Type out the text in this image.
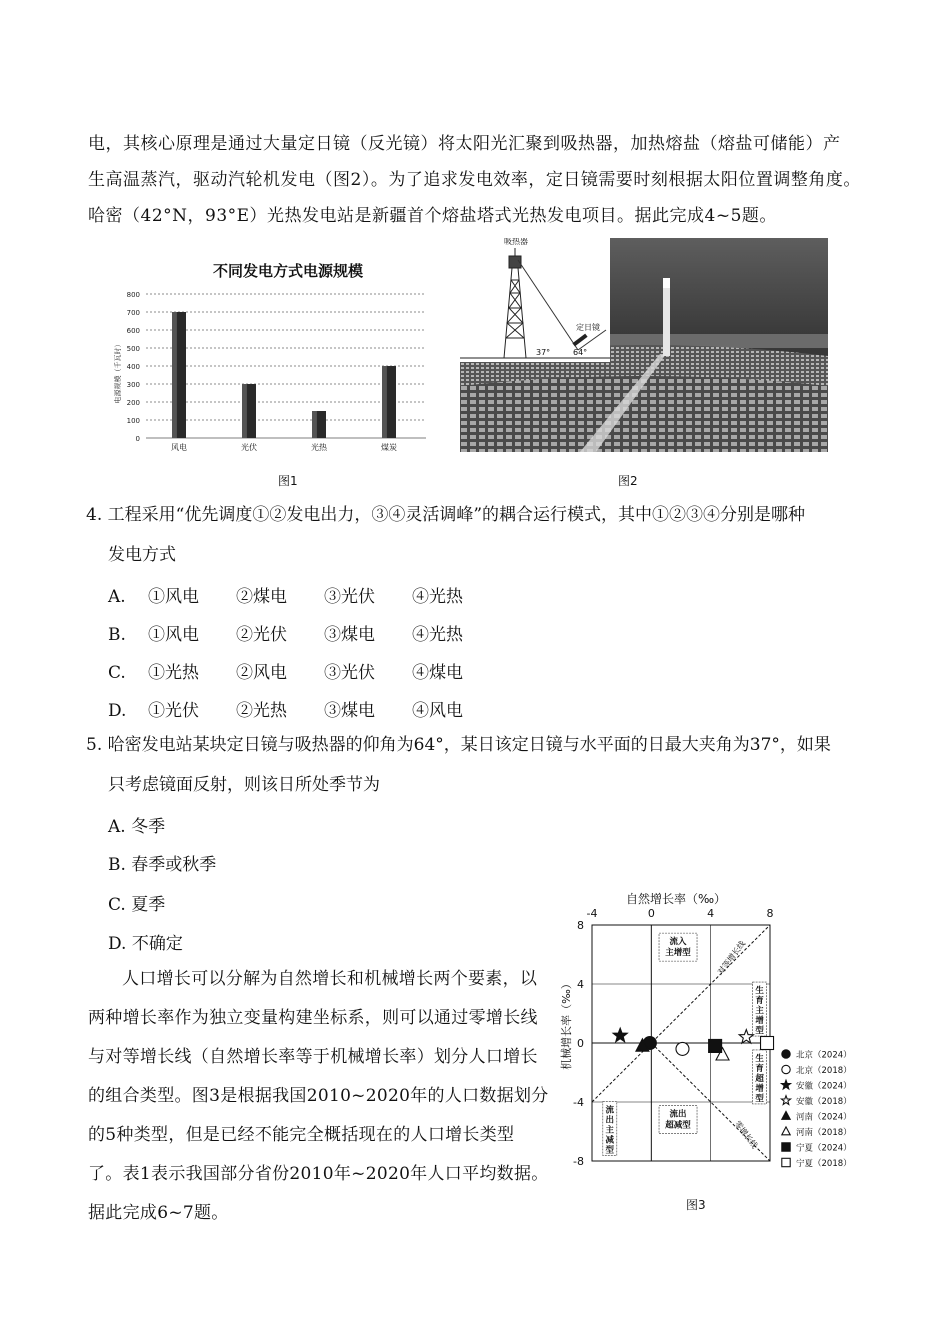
电，其核心原理是通过大量定日镜（反光镜）将太阳光汇聚到吸热器，加热熔盐（熔盐可储能）产
生高温蒸汽，驱动汽轮机发电（图2）。为了追求发电效率，定日镜需要时刻根据太阳位置调整角度。
哈密（42°N，93°E）光热发电站是新疆首个熔盐塔式光热发电项目。据此完成4~5题。
不同发电方式电源规模
电源规模（千瓦时）
0
100
200
300
400
500
600
700
800
风电	光伏	光热	煤炭
图1
吸热器
定日镜
37°	64°
图2
4. 工程采用“优先调度①②发电出力，③④灵活调峰”的耦合运行模式，其中①②③④分别是哪种
发电方式
A. ①风电 ②煤电 ③光伏 ④光热
B. ①风电 ②光伏 ③煤电 ④光热
C. ①光热 ②风电 ③光伏 ④煤电
D. ①光伏 ②光热 ③煤电 ④风电
5. 哈密发电站某块定日镜与吸热器的仰角为64°，某日该定日镜与水平面的日最大夹角为37°，如果
只考虑镜面反射，则该日所处季节为
A. 冬季
B. 春季或秋季
C. 夏季
D. 不确定
人口增长可以分解为自然增长和机械增长两个要素，以
两种增长率作为独立变量构建坐标系，则可以通过零增长线
与对等增长线（自然增长率等于机械增长率）划分人口增长
的组合类型。图3是根据我国2010~2020年的人口数据划分
的5种类型，但是已经不能完全概括现在的人口增长类型
了。表1表示我国部分省份2010年~2020年人口平均数据。
据此完成6~7题。
自然增长率（‰）
-4	0	4	8
8
4
0
-4
-8
对等增长线
零增长线
机械增长率（‰）
流入
主增型
生
育
主
增
型
生
育
超
增
型
流出
超减型
流
出
主
减
型
北京（2024）
北京（2018）
安徽（2024）
安徽（2018）
河南（2024）
河南（2018）
宁夏（2024）
宁夏（2018）
图3
